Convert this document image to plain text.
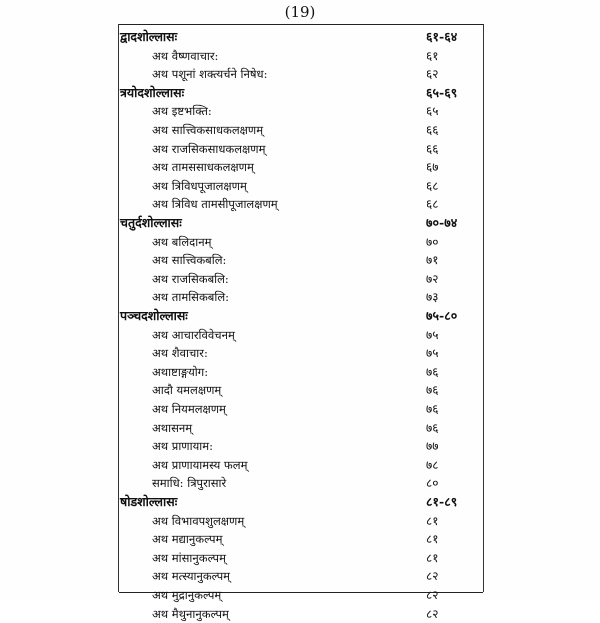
(19)
द्वादशोल्लासः	६१-६४
अथ वैष्णवाचार:	६१
अथ पशूनां शक्त्यर्चने निषेध:	६२
त्रयोदशोल्लासः	६५-६९
अथ इष्टभक्ति:	६५
अथ सात्त्विकसाधकलक्षणम्	६६
अथ राजसिकसाधकलक्षणम्	६६
अथ तामससाधकलक्षणम्	६७
अथ त्रिविधपूजालक्षणम्	६८
अथ त्रिविध तामसीपूजालक्षणम्	६८
चतुर्दशोल्लासः	७०-७४
अथ बलिदानम्	७०
अथ सात्त्विकबलि:	७१
अथ राजसिकबलि:	७२
अथ तामसिकबलि:	७३
पञ्चदशोल्लासः	७५-८०
अथ आचारविवेचनम्	७५
अथ शैवाचार:	७५
अथाष्टाङ्गयोग:	७६
आदौ यमलक्षणम्	७६
अथ नियमलक्षणम्	७६
अथासनम्	७६
अथ प्राणायाम:	७७
अथ प्राणायामस्य फलम्	७८
समाधि: त्रिपुरासारे	८०
षोडशोल्लासः	८१-८९
अथ विभावपशुलक्षणम्	८१
अथ मद्यानुकल्पम्	८१
अथ मांसानुकल्पम्	८१
अथ मत्स्यानुकल्पम्	८२
अथ मुद्रानुकल्पम्	८२
अथ मैथुनानुकल्पम्	८२
